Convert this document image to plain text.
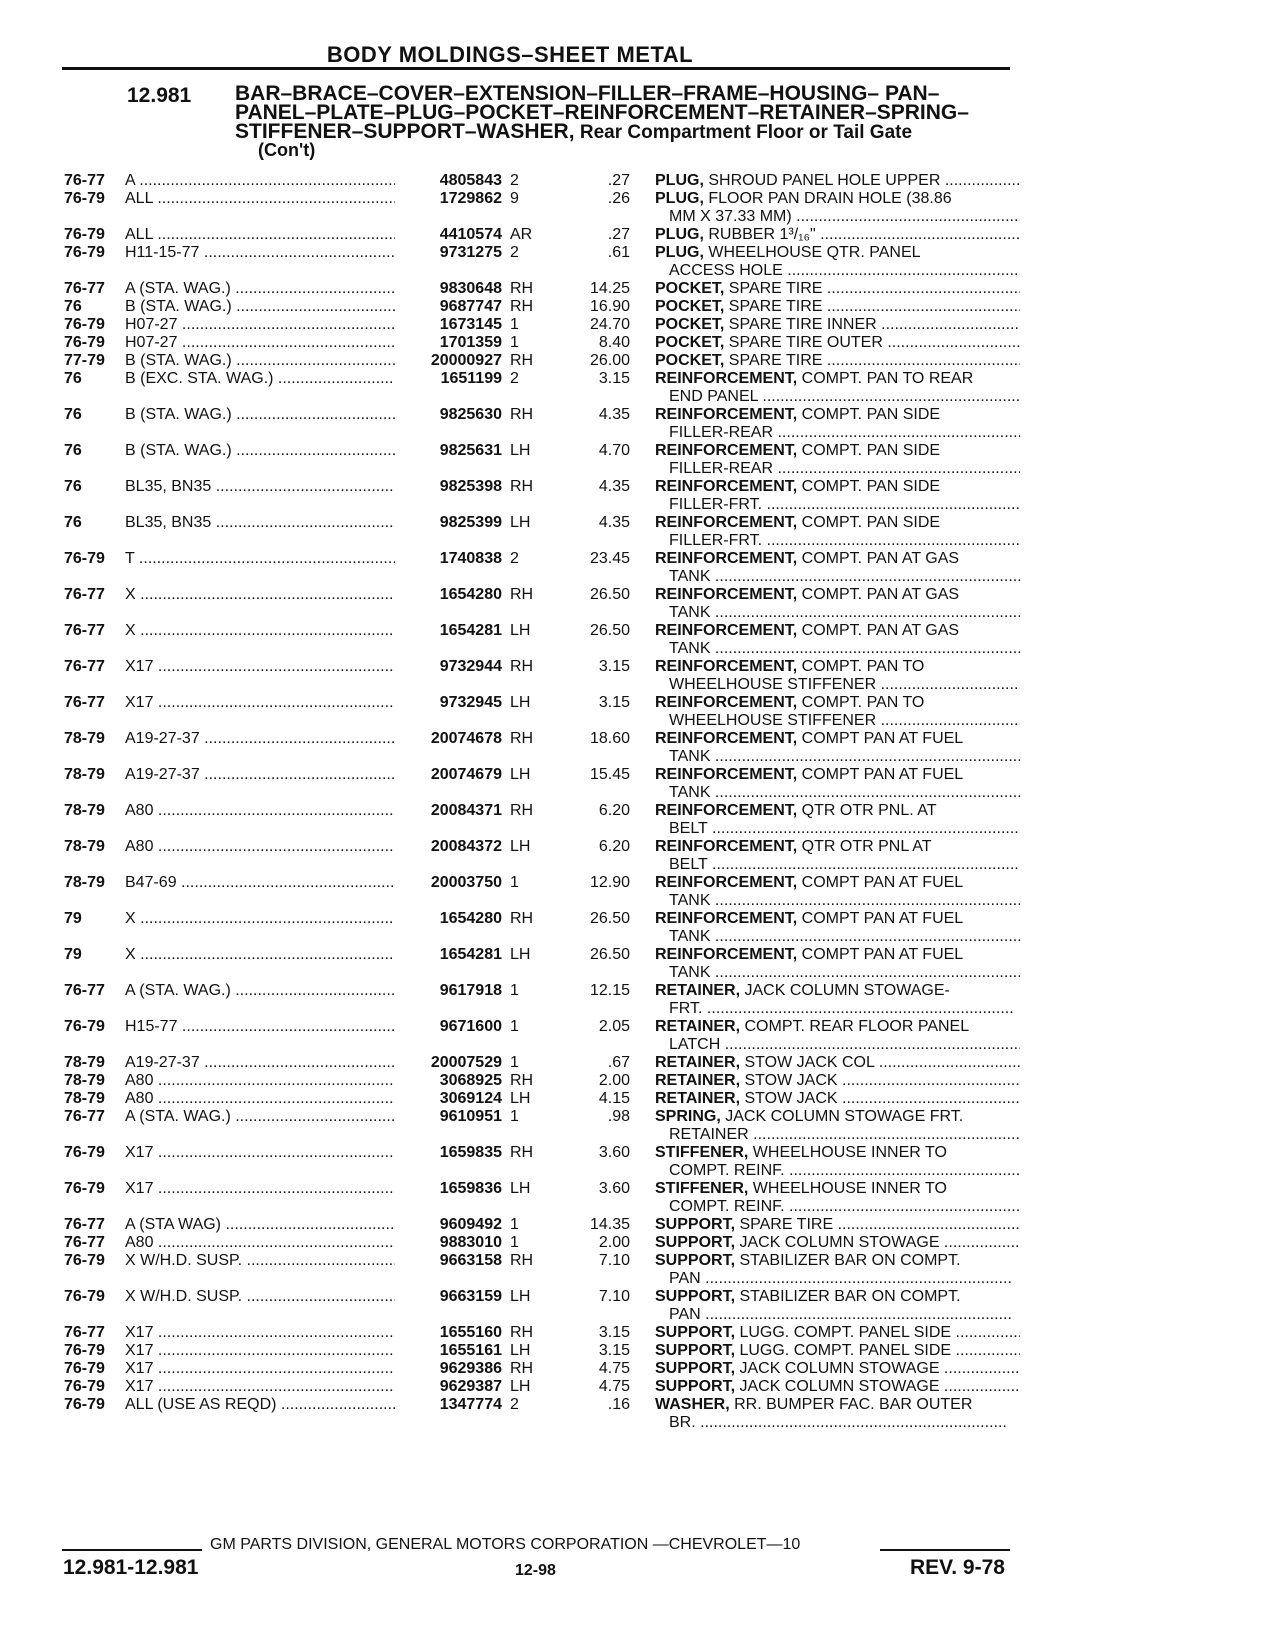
BODY MOLDINGS–SHEET METAL
12.981 BAR–BRACE–COVER–EXTENSION–FILLER–FRAME–HOUSING– PAN–
PANEL–PLATE–PLUG–POCKET–REINFORCEMENT–RETAINER–SPRING–
STIFFENER–SUPPORT–WASHER, Rear Compartment Floor or Tail Gate
(Con't)
76-77	A .....	4805843 2	.27 PLUG, SHROUD PANEL HOLE UPPER .....
76-79	ALL .....	1729862 9	.26 PLUG, FLOOR PAN DRAIN HOLE (38.86
MM X 37.33 MM) .....
76-79	ALL .....	4410574 AR	.27 PLUG, RUBBER 1³/₁₆" .....
76-79	H11-15-77 .....	9731275 2	.61 PLUG, WHEELHOUSE QTR. PANEL
ACCESS HOLE .....
76-77	A (STA. WAG.) .....	9830648 RH	14.25 POCKET, SPARE TIRE .....
76	B (STA. WAG.) .....	9687747 RH	16.90 POCKET, SPARE TIRE .....
76-79	H07-27 .....	1673145 1	24.70 POCKET, SPARE TIRE INNER .....
76-79	H07-27 .....	1701359 1	8.40 POCKET, SPARE TIRE OUTER .....
77-79	B (STA. WAG.) .....	20000927 RH	26.00 POCKET, SPARE TIRE .....
76	B (EXC. STA. WAG.) .....	1651199 2	3.15 REINFORCEMENT, COMPT. PAN TO REAR
END PANEL .....
76	B (STA. WAG.) .....	9825630 RH	4.35 REINFORCEMENT, COMPT. PAN SIDE
FILLER-REAR .....
76	B (STA. WAG.) .....	9825631 LH	4.70 REINFORCEMENT, COMPT. PAN SIDE
FILLER-REAR .....
76	BL35, BN35 .....	9825398 RH	4.35 REINFORCEMENT, COMPT. PAN SIDE
FILLER-FRT. .....
76	BL35, BN35 .....	9825399 LH	4.35 REINFORCEMENT, COMPT. PAN SIDE
FILLER-FRT. .....
76-79	T .....	1740838 2	23.45 REINFORCEMENT, COMPT. PAN AT GAS
TANK .....
76-77	X .....	1654280 RH	26.50 REINFORCEMENT, COMPT. PAN AT GAS
TANK .....
76-77	X .....	1654281 LH	26.50 REINFORCEMENT, COMPT. PAN AT GAS
TANK .....
76-77	X17 .....	9732944 RH	3.15 REINFORCEMENT, COMPT. PAN TO
WHEELHOUSE STIFFENER .....
76-77	X17 .....	9732945 LH	3.15 REINFORCEMENT, COMPT. PAN TO
WHEELHOUSE STIFFENER .....
78-79	A19-27-37 .....	20074678 RH	18.60 REINFORCEMENT, COMPT PAN AT FUEL
TANK .....
78-79	A19-27-37 .....	20074679 LH	15.45 REINFORCEMENT, COMPT PAN AT FUEL
TANK .....
78-79	A80 .....	20084371 RH	6.20 REINFORCEMENT, QTR OTR PNL. AT
BELT .....
78-79	A80 .....	20084372 LH	6.20 REINFORCEMENT, QTR OTR PNL AT
BELT .....
78-79	B47-69 .....	20003750 1	12.90 REINFORCEMENT, COMPT PAN AT FUEL
TANK .....
79	X .....	1654280 RH	26.50 REINFORCEMENT, COMPT PAN AT FUEL
TANK .....
79	X .....	1654281 LH	26.50 REINFORCEMENT, COMPT PAN AT FUEL
TANK .....
76-77	A (STA. WAG.) .....	9617918 1	12.15 RETAINER, JACK COLUMN STOWAGE-
FRT. .....
76-79	H15-77 .....	9671600 1	2.05 RETAINER, COMPT. REAR FLOOR PANEL
LATCH .....
78-79	A19-27-37 .....	20007529 1	.67 RETAINER, STOW JACK COL .....
78-79	A80 .....	3068925 RH	2.00 RETAINER, STOW JACK .....
78-79	A80 .....	3069124 LH	4.15 RETAINER, STOW JACK .....
76-77	A (STA. WAG.) .....	9610951 1	.98 SPRING, JACK COLUMN STOWAGE FRT.
RETAINER .....
76-79	X17 .....	1659835 RH	3.60 STIFFENER, WHEELHOUSE INNER TO
COMPT. REINF. .....
76-79	X17 .....	1659836 LH	3.60 STIFFENER, WHEELHOUSE INNER TO
COMPT. REINF. .....
76-77	A (STA WAG) .....	9609492 1	14.35 SUPPORT, SPARE TIRE .....
76-77	A80 .....	9883010 1	2.00 SUPPORT, JACK COLUMN STOWAGE .....
76-79	X W/H.D. SUSP. .....	9663158 RH	7.10 SUPPORT, STABILIZER BAR ON COMPT.
PAN .....
76-79	X W/H.D. SUSP. .....	9663159 LH	7.10 SUPPORT, STABILIZER BAR ON COMPT.
PAN .....
76-77	X17 .....	1655160 RH	3.15 SUPPORT, LUGG. COMPT. PANEL SIDE .....
76-79	X17 .....	1655161 LH	3.15 SUPPORT, LUGG. COMPT. PANEL SIDE .....
76-79	X17 .....	9629386 RH	4.75 SUPPORT, JACK COLUMN STOWAGE .....
76-79	X17 .....	9629387 LH	4.75 SUPPORT, JACK COLUMN STOWAGE .....
76-79	ALL (USE AS REQD) .....	1347774 2	.16 WASHER, RR. BUMPER FAC. BAR OUTER
BR. .....
GM PARTS DIVISION, GENERAL MOTORS CORPORATION —CHEVROLET—10
12.981-12.981	12-98	REV. 9-78
